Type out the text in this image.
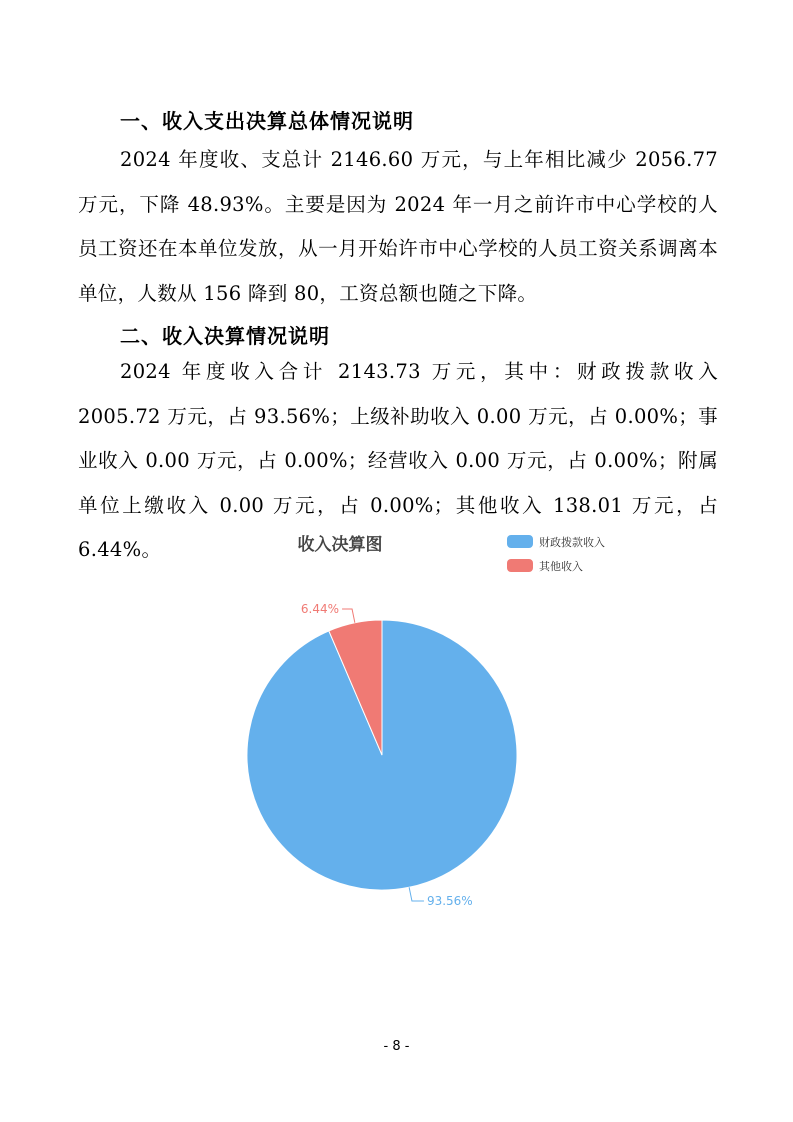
一、收入支出决算总体情况说明

2024 年度收、支总计 2146.60 万元，与上年相比减少 2056.77 万元，下降 48.93%。主要是因为 2024 年一月之前许市中心学校的人员工资还在本单位发放，从一月开始许市中心学校的人员工资关系调离本单位，人数从 156 降到 80，工资总额也随之下降。

二、收入决算情况说明

2024 年度收入合计 2143.73 万元，其中：财政拨款收入 2005.72 万元，占 93.56%；上级补助收入 0.00 万元，占 0.00%；事业收入 0.00 万元，占 0.00%；经营收入 0.00 万元，占 0.00%；附属单位上缴收入 0.00 万元，占 0.00%；其他收入 138.01 万元，占 6.44%。	收入决算图	财政拨款收入
其他收入
93.56%
6.44%
- 8 -
